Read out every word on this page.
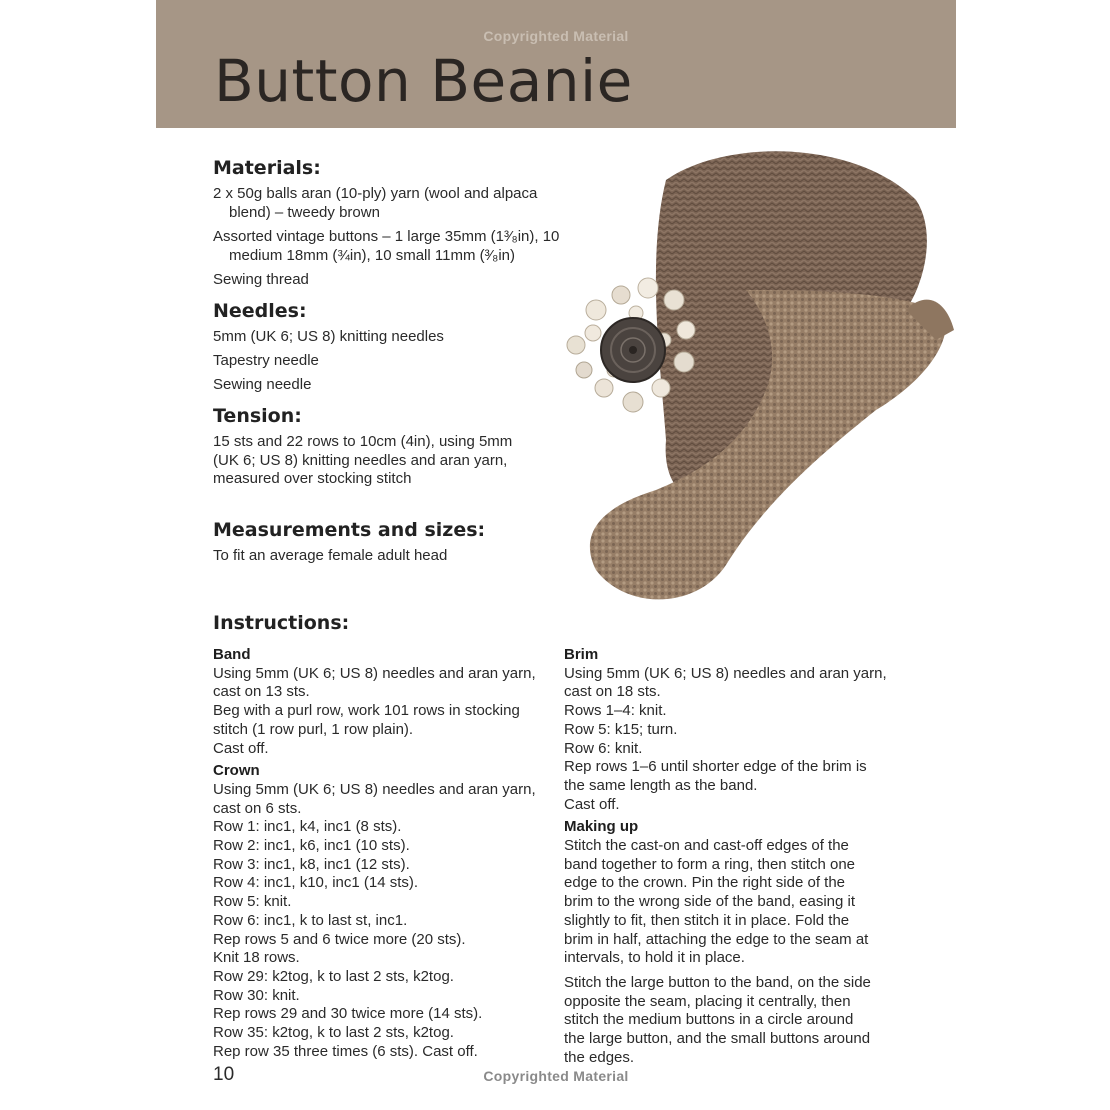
Copyrighted Material
Button Beanie
Materials:
2 x 50g balls aran (10-ply) yarn (wool and alpaca blend) – tweedy brown
Assorted vintage buttons – 1 large 35mm (1³⁄₈in), 10 medium 18mm (¾in), 10 small 11mm (³⁄₈in)
Sewing thread
Needles:
5mm (UK 6; US 8) knitting needles
Tapestry needle
Sewing needle
Tension:
15 sts and 22 rows to 10cm (4in), using 5mm (UK 6; US 8) knitting needles and aran yarn, measured over stocking stitch
Measurements and sizes:
To fit an average female adult head
Instructions:
Band
Using 5mm (UK 6; US 8) needles and aran yarn,
cast on 13 sts.
Beg with a purl row, work 101 rows in stocking
stitch (1 row purl, 1 row plain).
Cast off.
Crown
Using 5mm (UK 6; US 8) needles and aran yarn,
cast on 6 sts.
Row 1: inc1, k4, inc1 (8 sts).
Row 2: inc1, k6, inc1 (10 sts).
Row 3: inc1, k8, inc1 (12 sts).
Row 4: inc1, k10, inc1 (14 sts).
Row 5: knit.
Row 6: inc1, k to last st, inc1.
Rep rows 5 and 6 twice more (20 sts).
Knit 18 rows.
Row 29: k2tog, k to last 2 sts, k2tog.
Row 30: knit.
Rep rows 29 and 30 twice more (14 sts).
Row 35: k2tog, k to last 2 sts, k2tog.
Rep row 35 three times (6 sts). Cast off.
Brim
Using 5mm (UK 6; US 8) needles and aran yarn,
cast on 18 sts.
Rows 1–4: knit.
Row 5: k15; turn.
Row 6: knit.
Rep rows 1–6 until shorter edge of the brim is
the same length as the band.
Cast off.
Making up
Stitch the cast-on and cast-off edges of the
band together to form a ring, then stitch one
edge to the crown. Pin the right side of the
brim to the wrong side of the band, easing it
slightly to fit, then stitch it in place. Fold the
brim in half, attaching the edge to the seam at
intervals, to hold it in place.
Stitch the large button to the band, on the side
opposite the seam, placing it centrally, then
stitch the medium buttons in a circle around
the large button, and the small buttons around
the edges.
10	Copyrighted Material
